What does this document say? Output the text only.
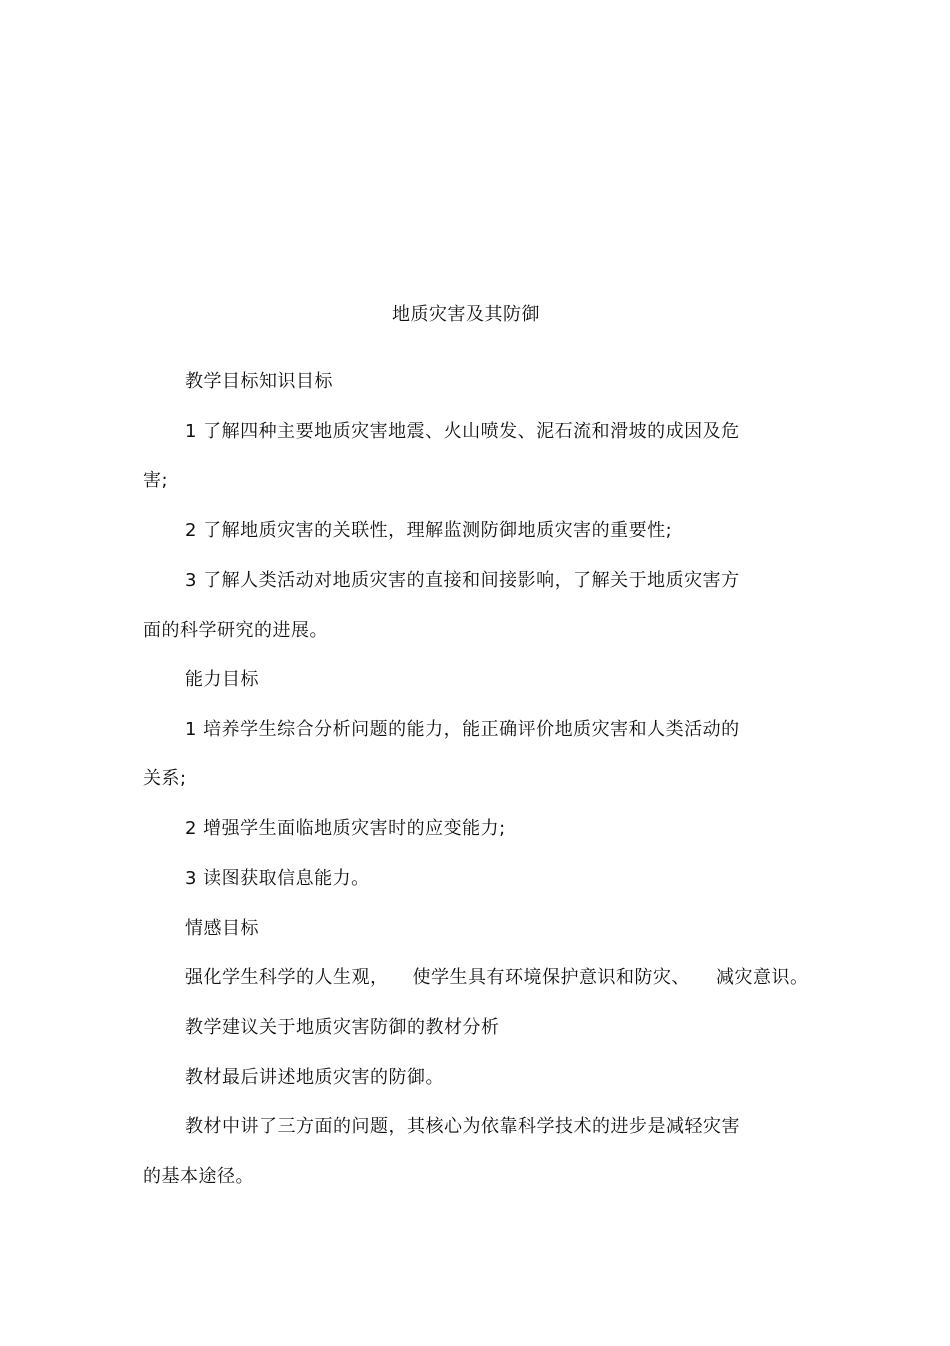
地质灾害及其防御
教学目标知识目标
1 了解四种主要地质灾害地震、火山喷发、泥石流和滑坡的成因及危
害;
2 了解地质灾害的关联性，理解监测防御地质灾害的重要性;
3 了解人类活动对地质灾害的直接和间接影响，了解关于地质灾害方
面的科学研究的进展。
能力目标
1 培养学生综合分析问题的能力，能正确评价地质灾害和人类活动的
关系;
2 增强学生面临地质灾害时的应变能力;
3 读图获取信息能力。
情感目标
强化学生科学的人生观， 使学生具有环境保护意识和防灾、 减灾意识。
教学建议关于地质灾害防御的教材分析
教材最后讲述地质灾害的防御。
教材中讲了三方面的问题，其核心为依靠科学技术的进步是减轻灾害
的基本途径。
